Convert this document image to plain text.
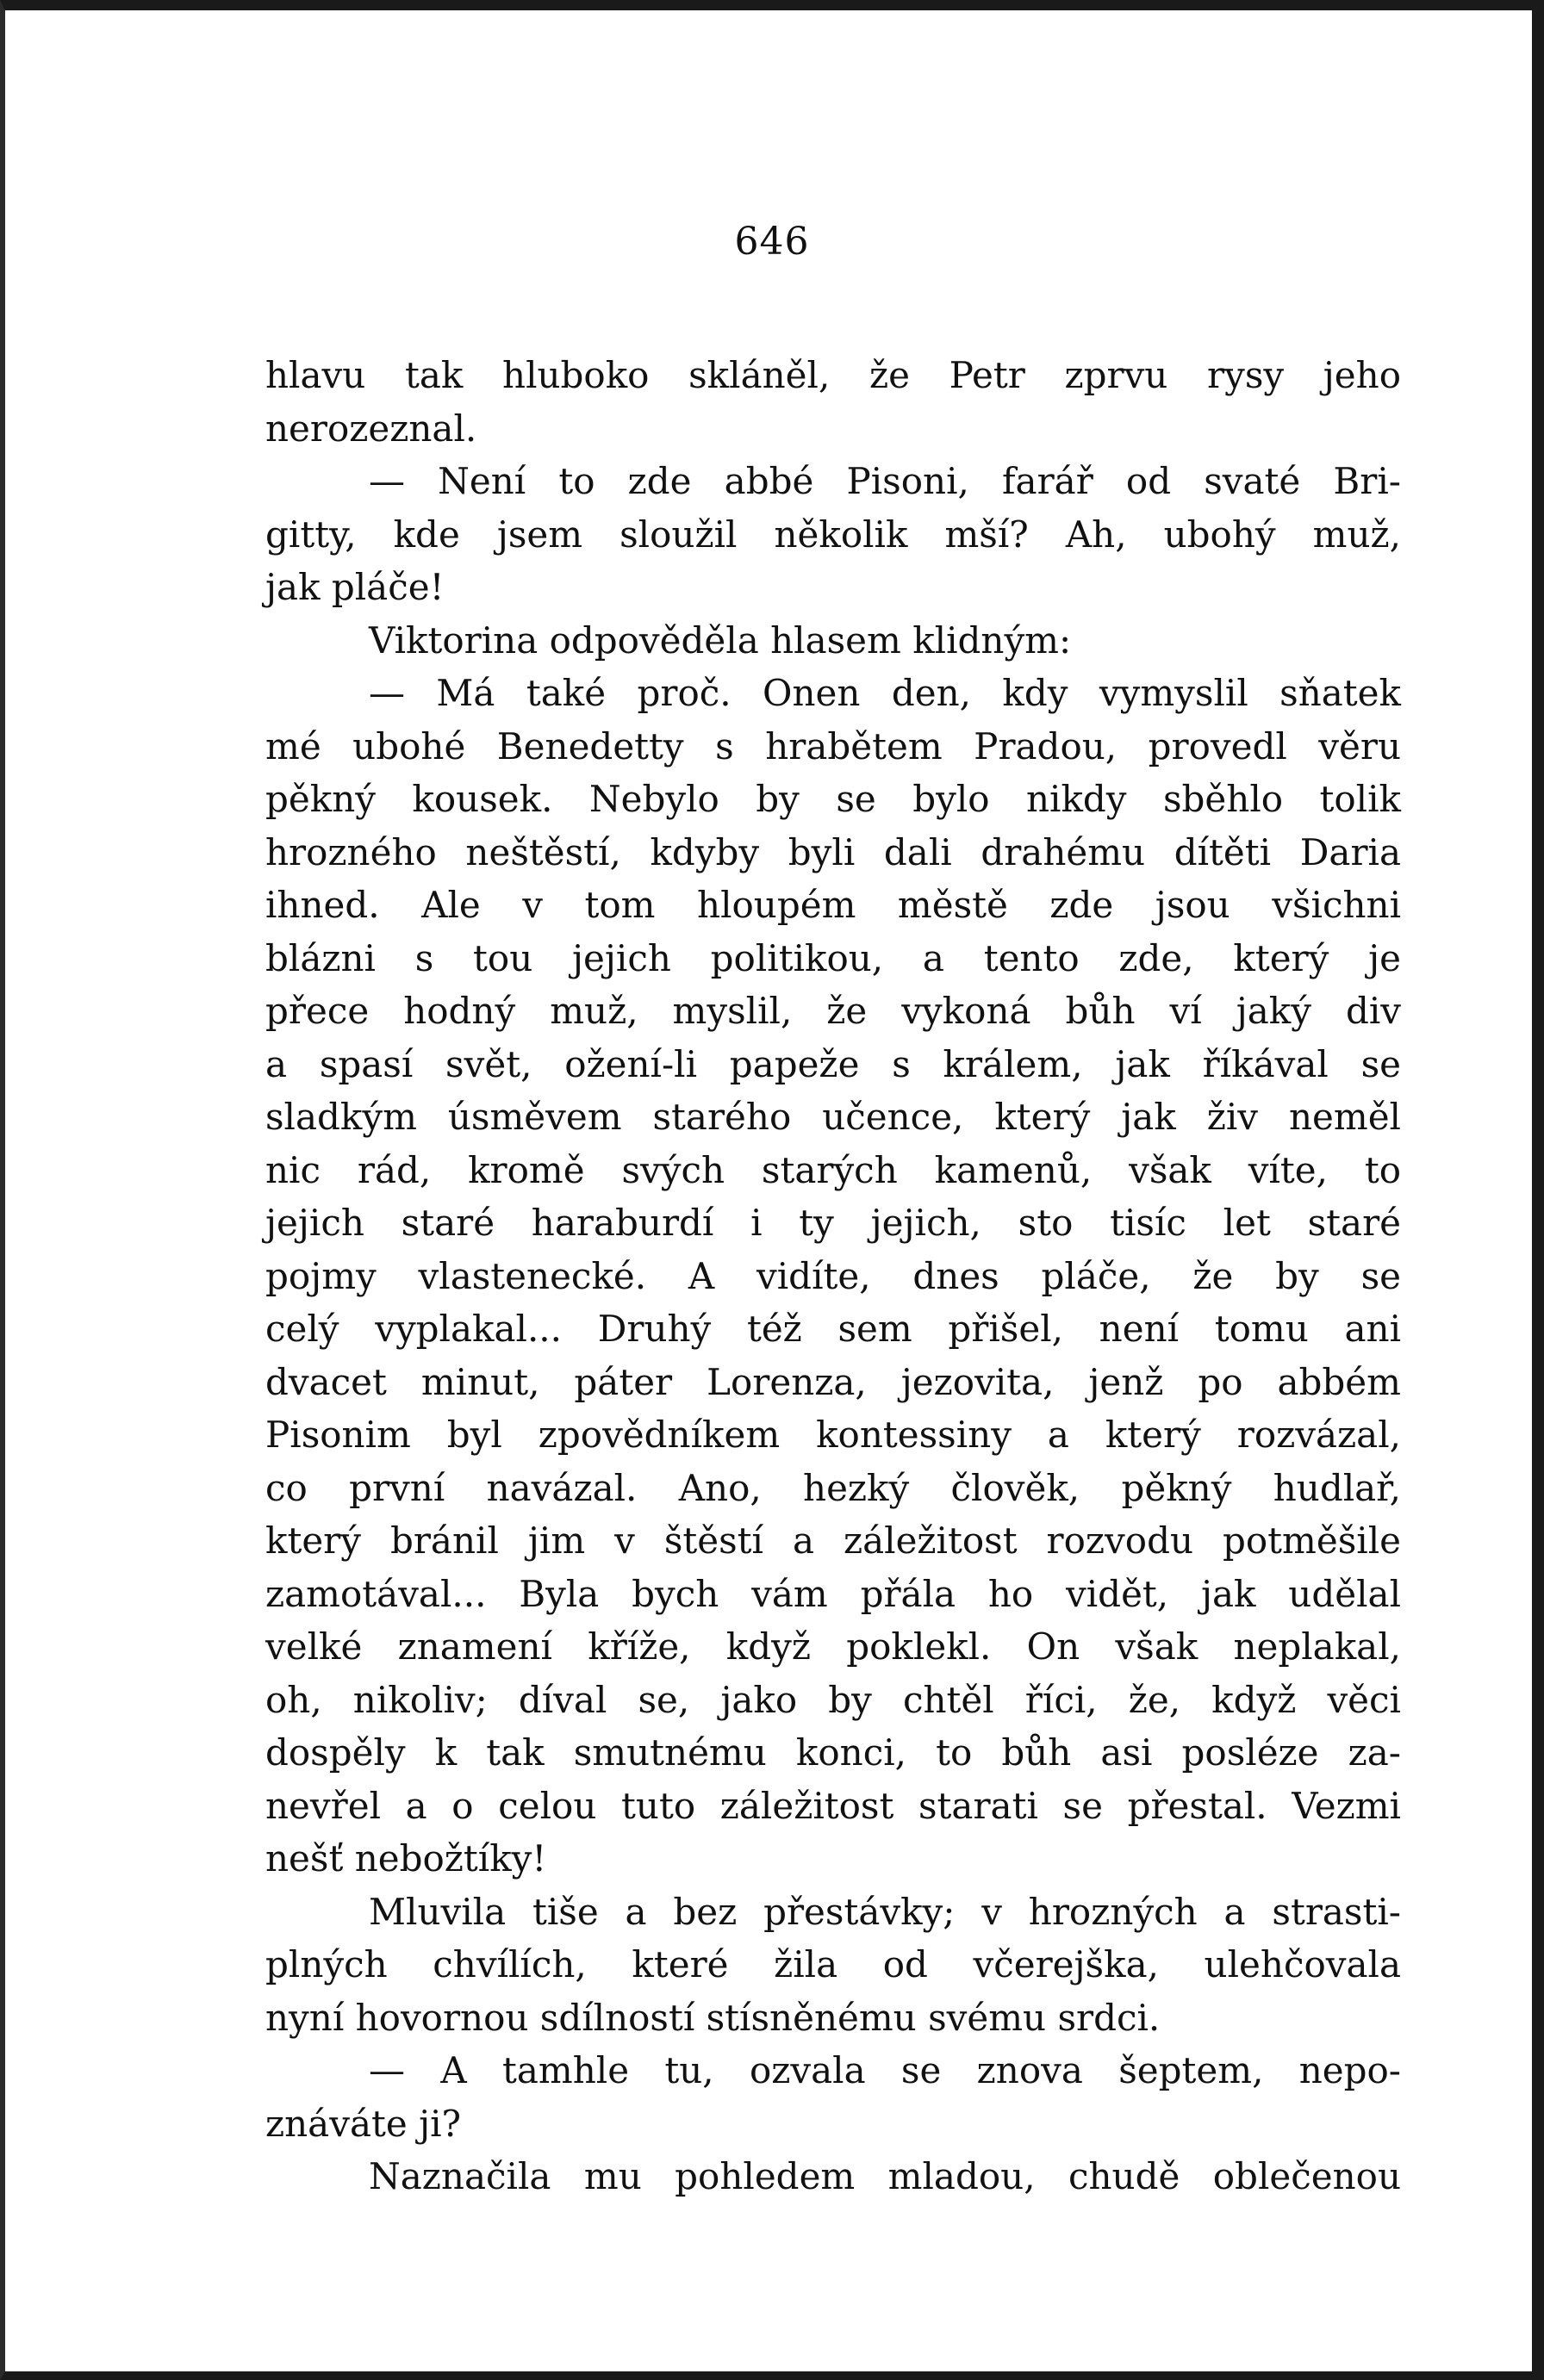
646
hlavu tak hluboko skláněl, že Petr zprvu rysy jeho
nerozeznal.
— Není to zde abbé Pisoni, farář od svaté Bri-
gitty, kde jsem sloužil několik mší? Ah, ubohý muž,
jak pláče!
Viktorina odpověděla hlasem klidným:
— Má také proč. Onen den, kdy vymyslil sňatek
mé ubohé Benedetty s hrabětem Pradou, provedl věru
pěkný kousek. Nebylo by se bylo nikdy sběhlo tolik
hrozného neštěstí, kdyby byli dali drahému dítěti Daria
ihned. Ale v tom hloupém městě zde jsou všichni
blázni s tou jejich politikou, a tento zde, který je
přece hodný muž, myslil, že vykoná bůh ví jaký div
a spasí svět, ožení-li papeže s králem, jak říkával se
sladkým úsměvem starého učence, který jak živ neměl
nic rád, kromě svých starých kamenů, však víte, to
jejich staré haraburdí i ty jejich, sto tisíc let staré
pojmy vlastenecké. A vidíte, dnes pláče, že by se
celý vyplakal... Druhý též sem přišel, není tomu ani
dvacet minut, páter Lorenza, jezovita, jenž po abbém
Pisonim byl zpovědníkem kontessiny a který rozvázal,
co první navázal. Ano, hezký člověk, pěkný hudlař,
který bránil jim v štěstí a záležitost rozvodu potměšile
zamotával... Byla bych vám přála ho vidět, jak udělal
velké znamení kříže, když poklekl. On však neplakal,
oh, nikoliv; díval se, jako by chtěl říci, že, když věci
dospěly k tak smutnému konci, to bůh asi posléze za-
nevřel a o celou tuto záležitost starati se přestal. Vezmi
nešť nebožtíky!
Mluvila tiše a bez přestávky; v hrozných a strasti-
plných chvílích, které žila od včerejška, ulehčovala
nyní hovornou sdílností stísněnému svému srdci.
— A tamhle tu, ozvala se znova šeptem, nepo-
znáváte ji?
Naznačila mu pohledem mladou, chudě oblečenou
